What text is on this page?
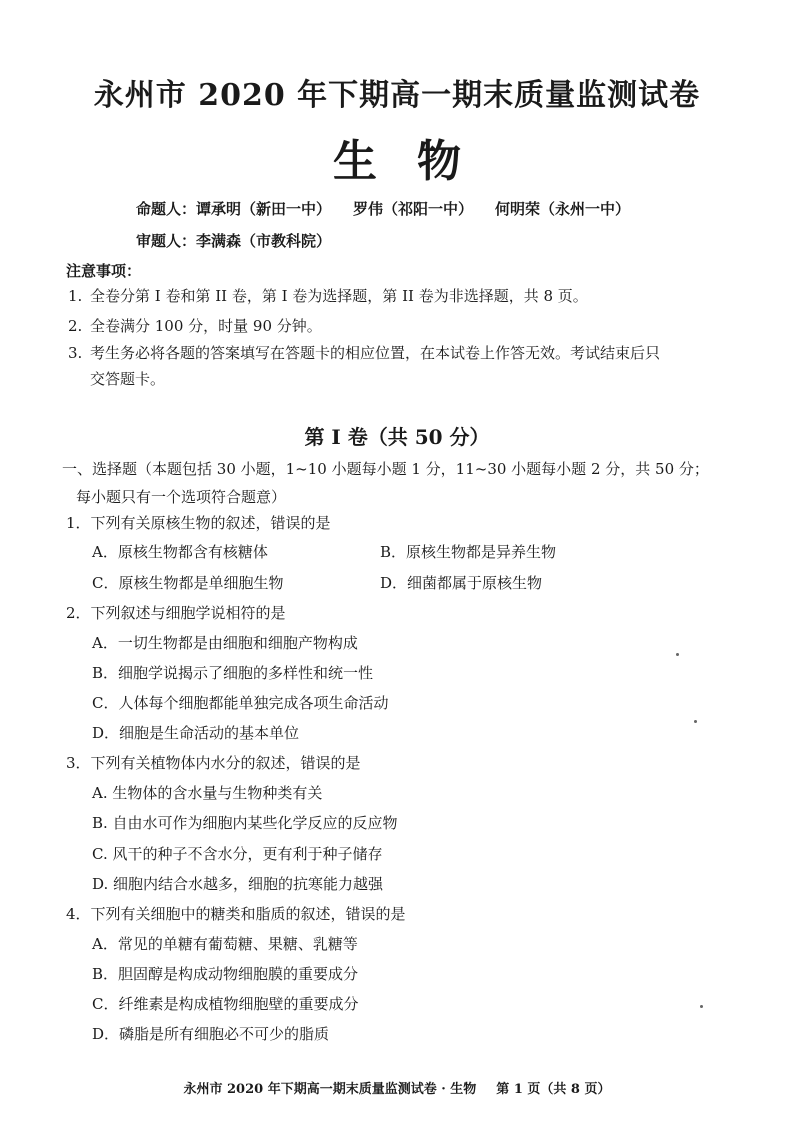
永州市 2020 年下期高一期末质量监测试卷
生物
命题人：谭承明（新田一中） 罗伟（祁阳一中） 何明荣（永州一中）
审题人：李满森（市教科院）
注意事项：
1. 全卷分第 I 卷和第 II 卷，第 I 卷为选择题，第 II 卷为非选择题，共 8 页。
2. 全卷满分 100 分，时量 90 分钟。
3. 考生务必将各题的答案填写在答题卡的相应位置，在本试卷上作答无效。考试结束后只
交答题卡。
第 I 卷（共 50 分）
一、选择题（本题包括 30 小题，1~10 小题每小题 1 分，11~30 小题每小题 2 分，共 50 分；
每小题只有一个选项符合题意）
1．下列有关原核生物的叙述，错误的是
A．原核生物都含有核糖体	B．原核生物都是异养生物
C．原核生物都是单细胞生物	D．细菌都属于原核生物
2．下列叙述与细胞学说相符的是
A．一切生物都是由细胞和细胞产物构成
B．细胞学说揭示了细胞的多样性和统一性
C．人体每个细胞都能单独完成各项生命活动
D．细胞是生命活动的基本单位
3．下列有关植物体内水分的叙述，错误的是
A. 生物体的含水量与生物种类有关
B. 自由水可作为细胞内某些化学反应的反应物
C. 风干的种子不含水分，更有利于种子储存
D. 细胞内结合水越多，细胞的抗寒能力越强
4．下列有关细胞中的糖类和脂质的叙述，错误的是
A．常见的单糖有葡萄糖、果糖、乳糖等
B．胆固醇是构成动物细胞膜的重要成分
C．纤维素是构成植物细胞壁的重要成分
D．磷脂是所有细胞必不可少的脂质
永州市 2020 年下期高一期末质量监测试卷 · 生物 第 1 页（共 8 页）
